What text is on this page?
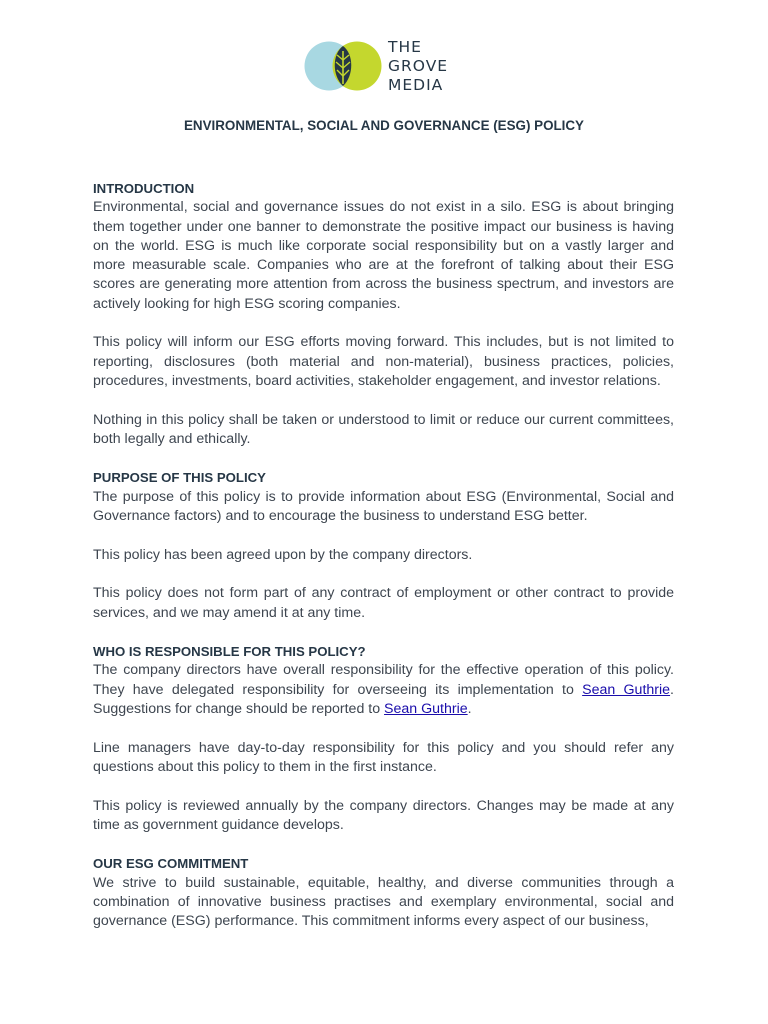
THE
GROVE
MEDIA
ENVIRONMENTAL, SOCIAL AND GOVERNANCE (ESG) POLICY
INTRODUCTION

Environmental, social and governance issues do not exist in a silo. ESG is about bringing them together under one banner to demonstrate the positive impact our business is having on the world. ESG is much like corporate social responsibility but on a vastly larger and more measurable scale. Companies who are at the forefront of talking about their ESG scores are generating more attention from across the business spectrum, and investors are actively looking for high ESG scoring companies.

This policy will inform our ESG efforts moving forward. This includes, but is not limited to reporting, disclosures (both material and non-material), business practices, policies, procedures, investments, board activities, stakeholder engagement, and investor relations.

Nothing in this policy shall be taken or understood to limit or reduce our current committees, both legally and ethically.

PURPOSE OF THIS POLICY

The purpose of this policy is to provide information about ESG (Environmental, Social and Governance factors) and to encourage the business to understand ESG better.

This policy has been agreed upon by the company directors.

This policy does not form part of any contract of employment or other contract to provide services, and we may amend it at any time.

WHO IS RESPONSIBLE FOR THIS POLICY?

The company directors have overall responsibility for the effective operation of this policy. They have delegated responsibility for overseeing its implementation to Sean Guthrie. Suggestions for change should be reported to Sean Guthrie.

Line managers have day-to-day responsibility for this policy and you should refer any questions about this policy to them in the first instance.

This policy is reviewed annually by the company directors. Changes may be made at any time as government guidance develops.

OUR ESG COMMITMENT

We strive to build sustainable, equitable, healthy, and diverse communities through a combination of innovative business practises and exemplary environmental, social and governance (ESG) performance. This commitment informs every aspect of our business,
